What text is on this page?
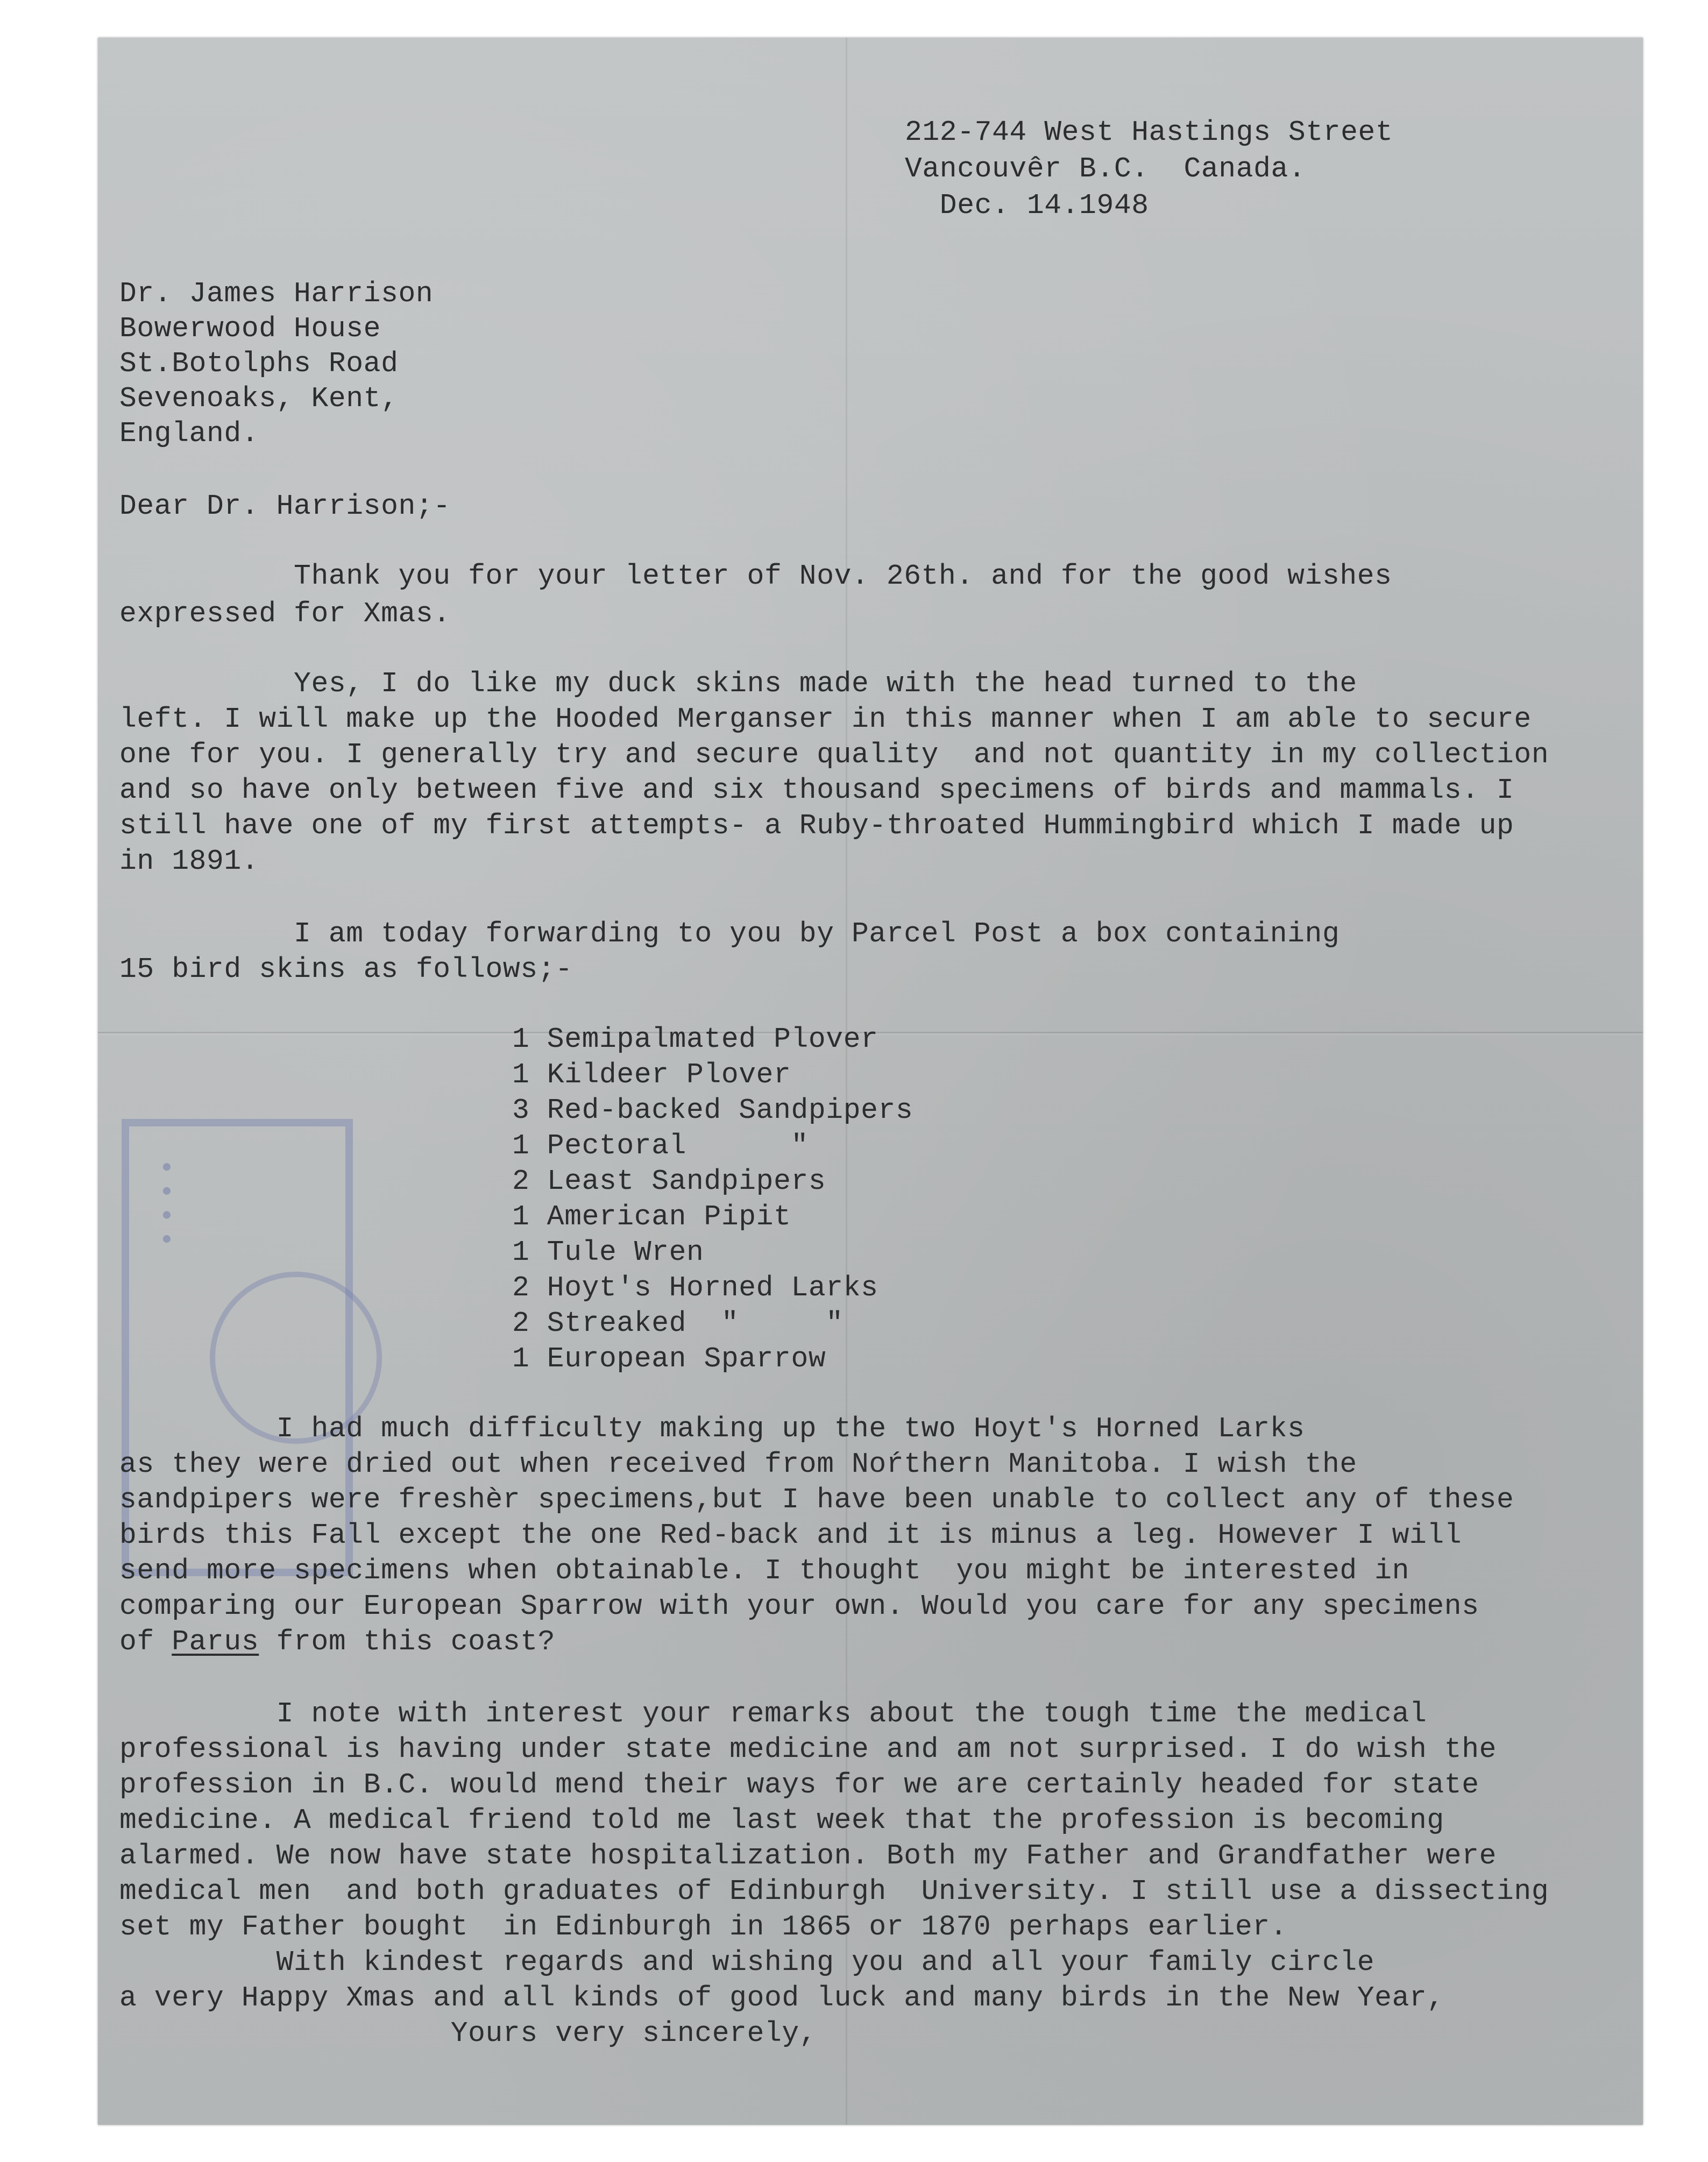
• • • •

212-744 West Hastings Street

Vancouvêr B.C.  Canada.

Dec. 14.1948

Dr. James Harrison

Bowerwood House

St.Botolphs Road

Sevenoaks, Kent,

England.

Dear Dr. Harrison;-

Thank you for your letter of Nov. 26th. and for the good wishes

expressed for Xmas.

Yes, I do like my duck skins made with the head turned to the

left. I will make up the Hooded Merganser in this manner when I am able to secure

one for you. I generally try and secure quality  and not quantity in my collection

and so have only between five and six thousand specimens of birds and mammals. I

still have one of my first attempts- a Ruby-throated Hummingbird which I made up

in 1891.

I am today forwarding to you by Parcel Post a box containing

15 bird skins as follows;-

1 Semipalmated Plover

1 Kildeer Plover

3 Red-backed Sandpipers

1 Pectoral      "

2 Least Sandpipers

1 American Pipit

1 Tule Wren

2 Hoyt's Horned Larks

2 Streaked  "     "

1 European Sparrow

I had much difficulty making up the two Hoyt's Horned Larks

as they were dried out when received from Noŕthern Manitoba. I wish the

sandpipers were freshèr specimens,but I have been unable to collect any of these

birds this Fall except the one Red-back and it is minus a leg. However I will

send more specimens when obtainable. I thought  you might be interested in

comparing our European Sparrow with your own. Would you care for any specimens

of Parus from this coast?

I note with interest your remarks about the tough time the medical

professional is having under state medicine and am not surprised. I do wish the

profession in B.C. would mend their ways for we are certainly headed for state

medicine. A medical friend told me last week that the profession is becoming

alarmed. We now have state hospitalization. Both my Father and Grandfather were

medical men  and both graduates of Edinburgh  University. I still use a dissecting

set my Father bought  in Edinburgh in 1865 or 1870 perhaps earlier.

With kindest regards and wishing you and all your family circle

a very Happy Xmas and all kinds of good luck and many birds in the New Year,

Yours very sincerely,
